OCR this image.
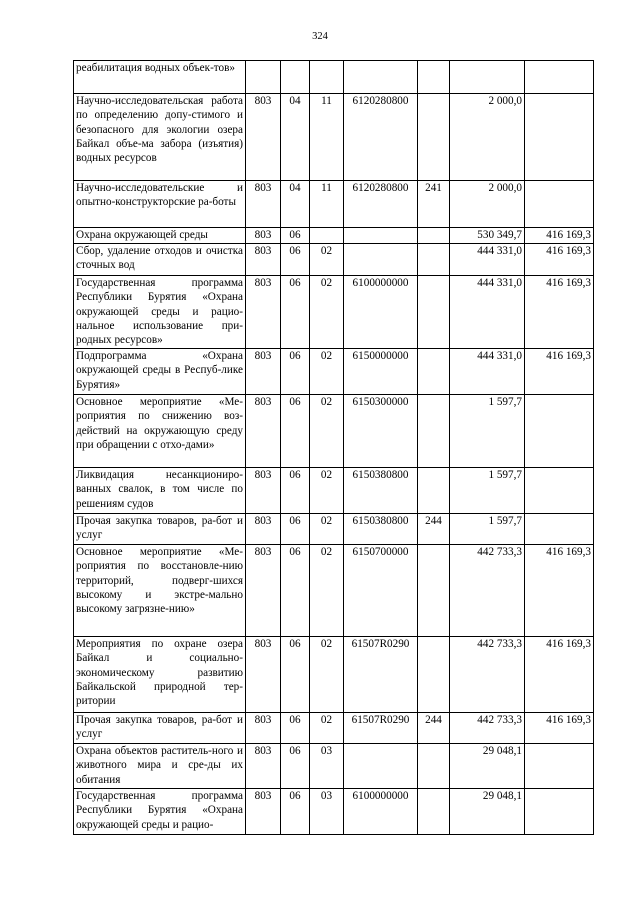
324
реабилитация водных объек-тов»							
Научно-исследовательская работа по определению допу-стимого и безопасного для экологии озера Байкал объе-ма забора (изъятия) водных ресурсов	803	04	11	6120280800		2 000,0	
Научно-исследовательские и опытно-конструкторские ра-боты	803	04	11	6120280800	241	2 000,0	
Охрана окружающей среды	803	06				530 349,7	416 169,3
Сбор, удаление отходов и очистка сточных вод	803	06	02			444 331,0	416 169,3
Государственная программа Республики Бурятия «Охрана окружающей среды и рацио-нальное использование при-родных ресурсов»	803	06	02	6100000000		444 331,0	416 169,3
Подпрограмма «Охрана окружающей среды в Респуб-лике Бурятия»	803	06	02	6150000000		444 331,0	416 169,3
Основное мероприятие «Ме-роприятия по снижению воз-действий на окружающую среду при обращении с отхо-дами»	803	06	02	6150300000		1 597,7	
Ликвидация несанкциониро-ванных свалок, в том числе по решениям судов	803	06	02	6150380800		1 597,7	
Прочая закупка товаров, ра-бот и услуг	803	06	02	6150380800	244	1 597,7	
Основное мероприятие «Ме-роприятия по восстановле-нию территорий, подверг-шихся высокому и экстре-мально высокому загрязне-нию»	803	06	02	6150700000		442 733,3	416 169,3
Мероприятия по охране озера Байкал и социально-экономическому развитию Байкальской природной тер-ритории	803	06	02	61507R0290		442 733,3	416 169,3
Прочая закупка товаров, ра-бот и услуг	803	06	02	61507R0290	244	442 733,3	416 169,3
Охрана объектов раститель-ного и животного мира и сре-ды их обитания	803	06	03			29 048,1	
Государственная программа Республики Бурятия «Охрана окружающей среды и рацио-	803	06	03	6100000000		29 048,1	
